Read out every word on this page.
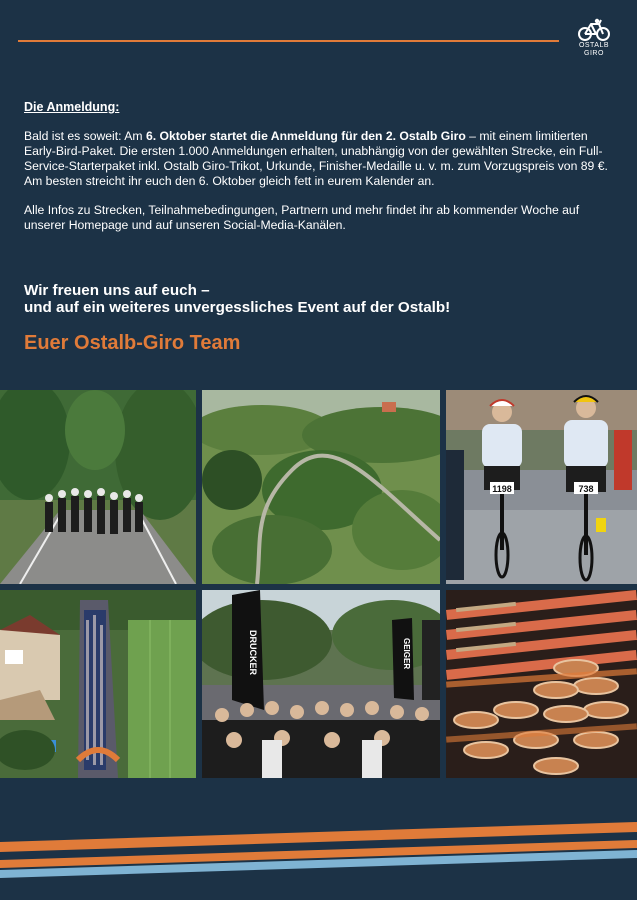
OSTALB
GIRO
Die Anmeldung:
Bald ist es soweit: Am 6. Oktober startet die Anmeldung für den 2. Ostalb Giro – mit einem limitierten Early-Bird-Paket. Die ersten 1.000 Anmeldungen erhalten, unabhängig von der gewählten Strecke, ein Full-Service-Starterpaket inkl. Ostalb Giro-Trikot, Urkunde, Finisher-Medaille u. v. m. zum Vorzugspreis von 89 €. Am besten streicht ihr euch den 6. Oktober gleich fett in eurem Kalender an.
Alle Infos zu Strecken, Teilnahmebedingungen, Partnern und mehr findet ihr ab kommender Woche auf unserer Homepage und auf unseren Social-Media-Kanälen.
Wir freuen uns auf euch –
und auf ein weiteres unvergessliches Event auf der Ostalb!
Euer Ostalb-Giro Team
1198	738
DRUCKER	GEIGER
